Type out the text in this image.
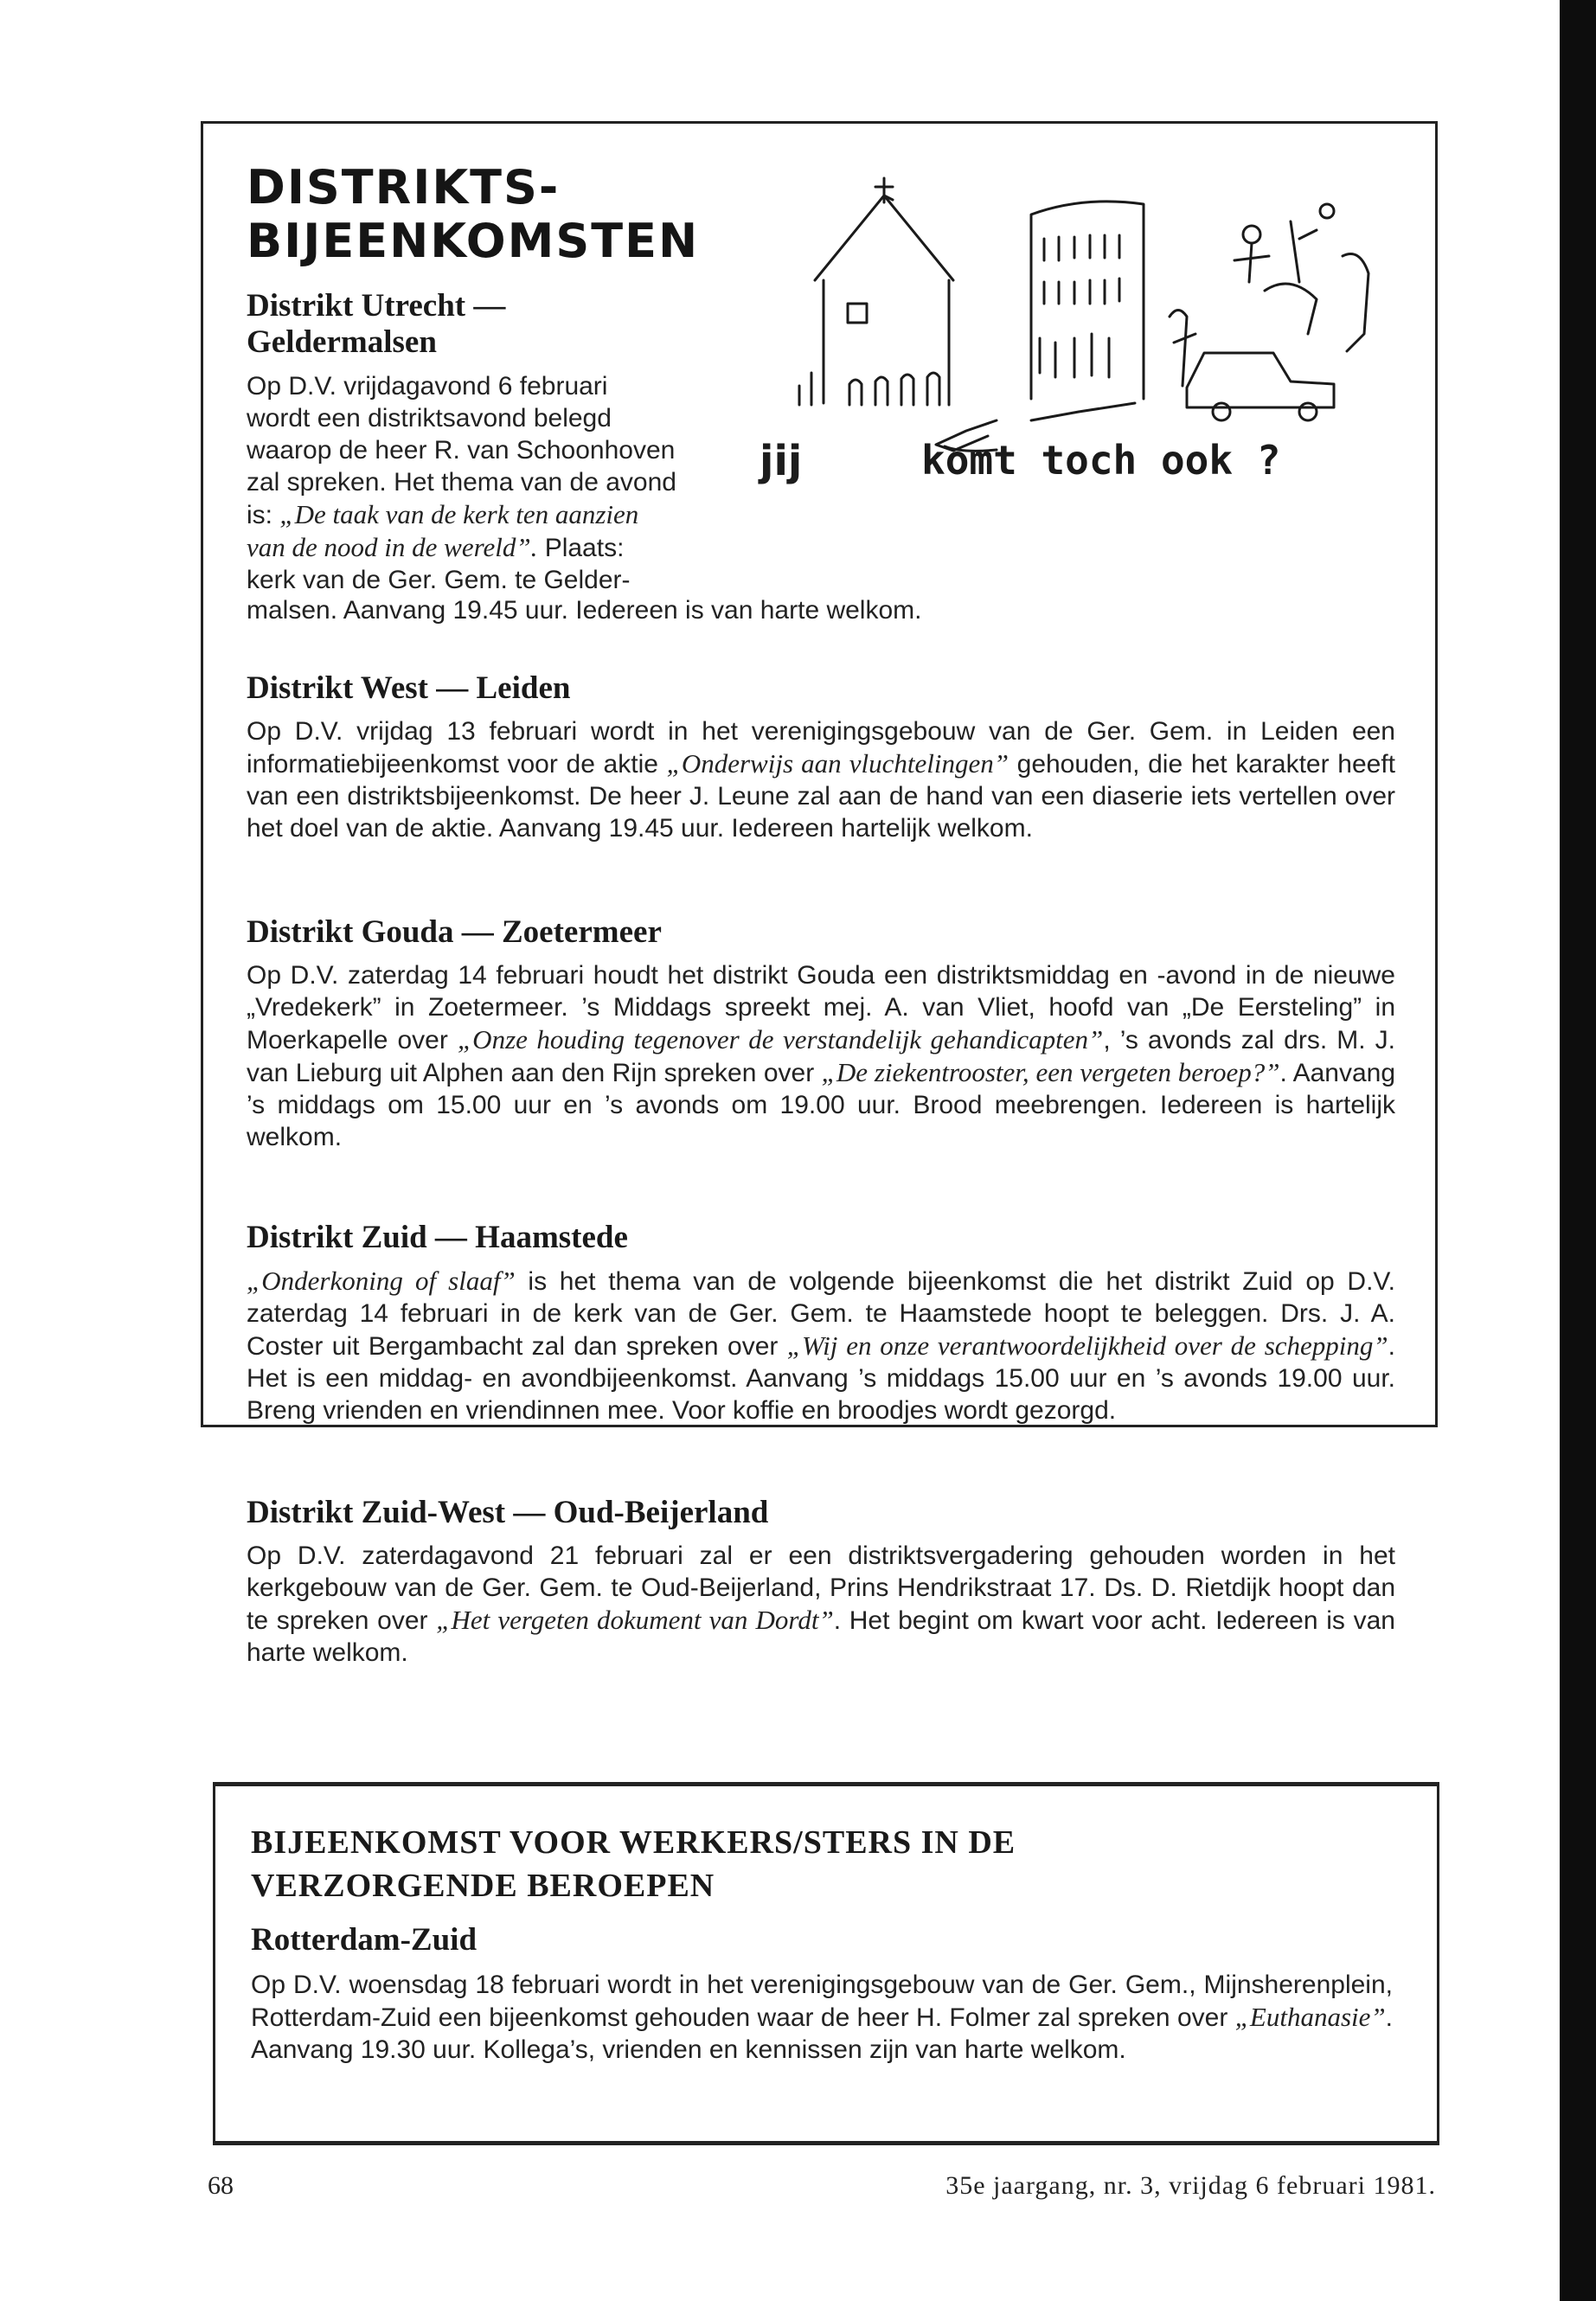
DISTRIKTS-
BIJEENKOMSTEN
jij	komt toch ook ?
Distrikt Utrecht —
Geldermalsen
Op D.V. vrijdagavond 6 februari
wordt een distriktsavond belegd
waarop de heer R. van Schoonhoven
zal spreken. Het thema van de avond
is: „De taak van de kerk ten aanzien
van de nood in de wereld”. Plaats:
kerk van de Ger. Gem. te Gelder-
malsen. Aanvang 19.45 uur. Iedereen is van harte welkom.
Distrikt West — Leiden
Op D.V. vrijdag 13 februari wordt in het verenigingsgebouw van de Ger. Gem. in Leiden een informatiebijeenkomst voor de aktie „Onderwijs aan vluchtelingen” gehouden, die het karakter heeft van een distriktsbijeenkomst. De heer J. Leune zal aan de hand van een diaserie iets vertellen over het doel van de aktie. Aanvang 19.45 uur. Iedereen hartelijk welkom.
Distrikt Gouda — Zoetermeer
Op D.V. zaterdag 14 februari houdt het distrikt Gouda een distriktsmiddag en -avond in de nieuwe „Vredekerk” in Zoetermeer. ’s Middags spreekt mej. A. van Vliet, hoofd van „De Eersteling” in Moerkapelle over „Onze houding tegenover de verstandelijk gehandicapten”, ’s avonds zal drs. M. J. van Lieburg uit Alphen aan den Rijn spreken over „De ziekentrooster, een vergeten beroep?”. Aanvang ’s middags om 15.00 uur en ’s avonds om 19.00 uur. Brood meebrengen. Iedereen is hartelijk welkom.
Distrikt Zuid — Haamstede
„Onderkoning of slaaf” is het thema van de volgende bijeenkomst die het distrikt Zuid op D.V. zaterdag 14 februari in de kerk van de Ger. Gem. te Haamstede hoopt te beleggen. Drs. J. A. Coster uit Bergambacht zal dan spreken over „Wij en onze verantwoordelijkheid over de schepping”. Het is een middag- en avondbijeenkomst. Aanvang ’s middags 15.00 uur en ’s avonds 19.00 uur. Breng vrienden en vriendinnen mee. Voor koffie en broodjes wordt gezorgd.
Distrikt Zuid-West — Oud-Beijerland
Op D.V. zaterdagavond 21 februari zal er een distriktsvergadering gehouden worden in het kerkgebouw van de Ger. Gem. te Oud-Beijerland, Prins Hendrikstraat 17. Ds. D. Rietdijk hoopt dan te spreken over „Het vergeten dokument van Dordt”. Het begint om kwart voor acht. Iedereen is van harte welkom.
BIJEENKOMST VOOR WERKERS/STERS IN DE
VERZORGENDE BEROEPEN
Rotterdam-Zuid
Op D.V. woensdag 18 februari wordt in het verenigingsgebouw van de Ger. Gem., Mijnsherenplein, Rotterdam-Zuid een bijeenkomst gehouden waar de heer H. Folmer zal spreken over „Euthanasie”. Aanvang 19.30 uur. Kollega’s, vrienden en kennissen zijn van harte welkom.
68	35e jaargang, nr. 3, vrijdag 6 februari 1981.
